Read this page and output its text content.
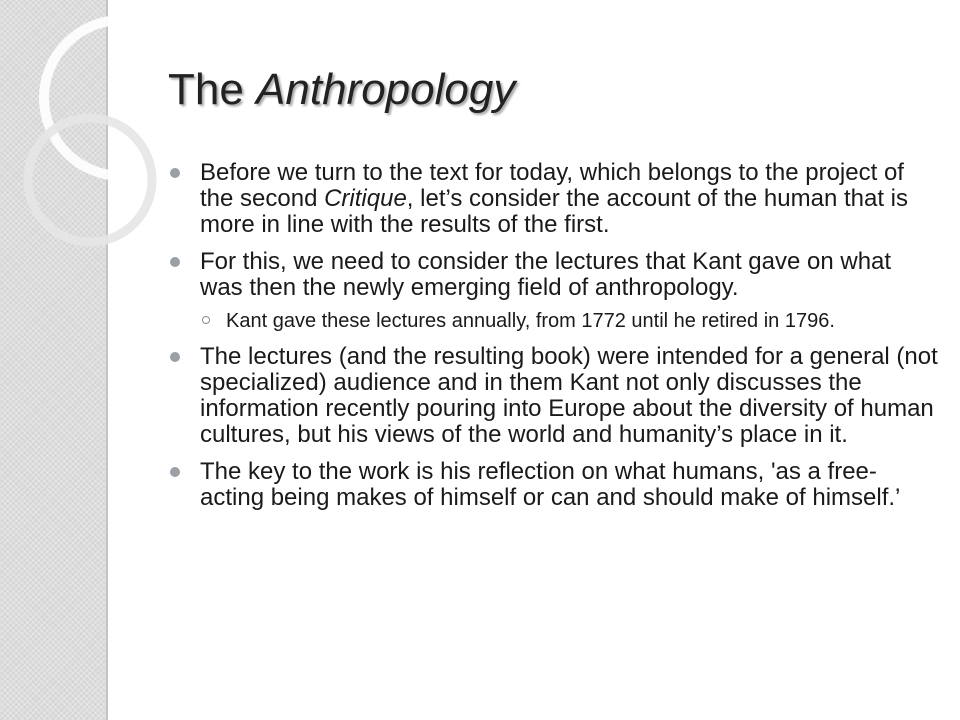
The Anthropology
Before we turn to the text for today, which belongs to the project of the second Critique, let’s consider the account of the human that is more in line with the results of the first.
For this, we need to consider the lectures that Kant gave on what was then the newly emerging field of anthropology.
Kant gave these lectures annually, from 1772 until he retired in 1796.
The lectures (and the resulting book) were intended for a general (not specialized) audience and in them Kant not only discusses the information recently pouring into Europe about the diversity of human cultures, but his views of the world and humanity’s place in it.
The key to the work is his reflection on what humans, 'as a free-acting being makes of himself or can and should make of himself.’
